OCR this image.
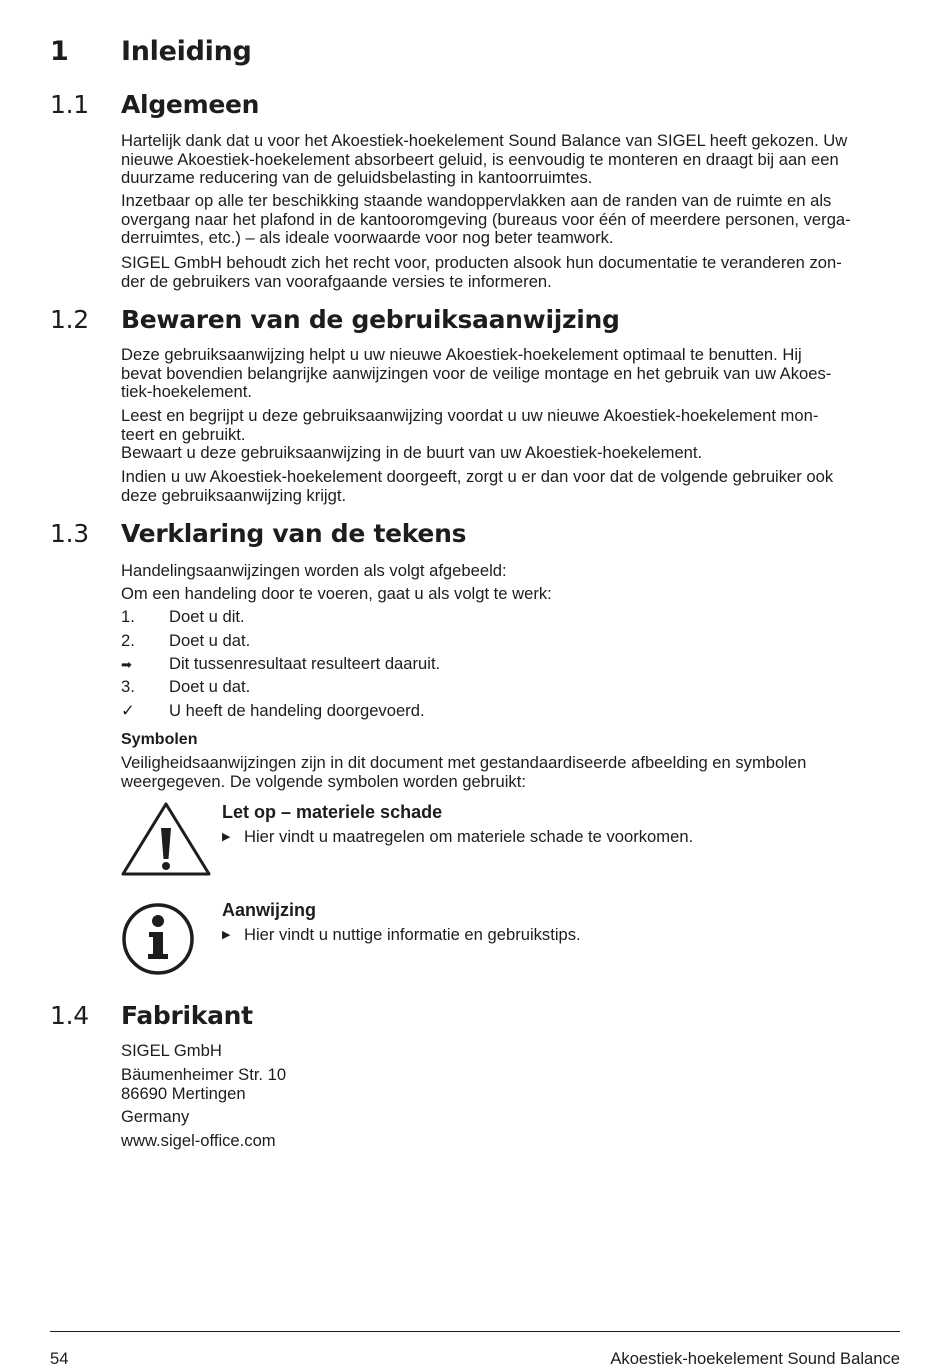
1	Inleiding
1.1	Algemeen

Hartelijk dank dat u voor het Akoestiek-hoekelement Sound Balance van SIGEL heeft gekozen. Uw

nieuwe Akoestiek-hoekelement absorbeert geluid, is eenvoudig te monteren en draagt bij aan een

duurzame reducering van de geluidsbelasting in kantoorruimtes.

Inzetbaar op alle ter beschikking staande wandoppervlakken aan de randen van de ruimte en als

overgang naar het plafond in de kantooromgeving (bureaus voor één of meerdere personen, verga-

derruimtes, etc.) – als ideale voorwaarde voor nog beter teamwork.

SIGEL GmbH behoudt zich het recht voor, producten alsook hun documentatie te veranderen zon-

der de gebruikers van voorafgaande versies te informeren.

1.2	Bewaren van de gebruiksaanwijzing

Deze gebruiksaanwijzing helpt u uw nieuwe Akoestiek-hoekelement optimaal te benutten. Hij

bevat bovendien belangrijke aanwijzingen voor de veilige montage en het gebruik van uw Akoes-

tiek-hoekelement.

Leest en begrijpt u deze gebruiksaanwijzing voordat u uw nieuwe Akoestiek-hoekelement mon-

teert en gebruikt.

Bewaart u deze gebruiksaanwijzing in de buurt van uw Akoestiek-hoekelement.

Indien u uw Akoestiek-hoekelement doorgeeft, zorgt u er dan voor dat de volgende gebruiker ook

deze gebruiksaanwijzing krijgt.

1.3	Verklaring van de tekens
Handelingsaanwijzingen worden als volgt afgebeeld:
Om een handeling door te voeren, gaat u als volgt te werk:
1. Doet u dit.
2. Doet u dat.
➡ Dit tussenresultaat resulteert daaruit.
3. Doet u dat.
✓ U heeft de handeling doorgevoerd.
Symbolen

Veiligheidsaanwijzingen zijn in dit document met gestandaardiseerde afbeelding en symbolen

weergegeven. De volgende symbolen worden gebruikt:

Let op – materiele schade
▶ Hier vindt u maatregelen om materiele schade te voorkomen.
Aanwijzing
▶ Hier vindt u nuttige informatie en gebruikstips.
1.4	Fabrikant
SIGEL GmbH
Bäumenheimer Str. 10
86690 Mertingen
Germany
www.sigel-office.com
54	Akoestiek-hoekelement Sound Balance
